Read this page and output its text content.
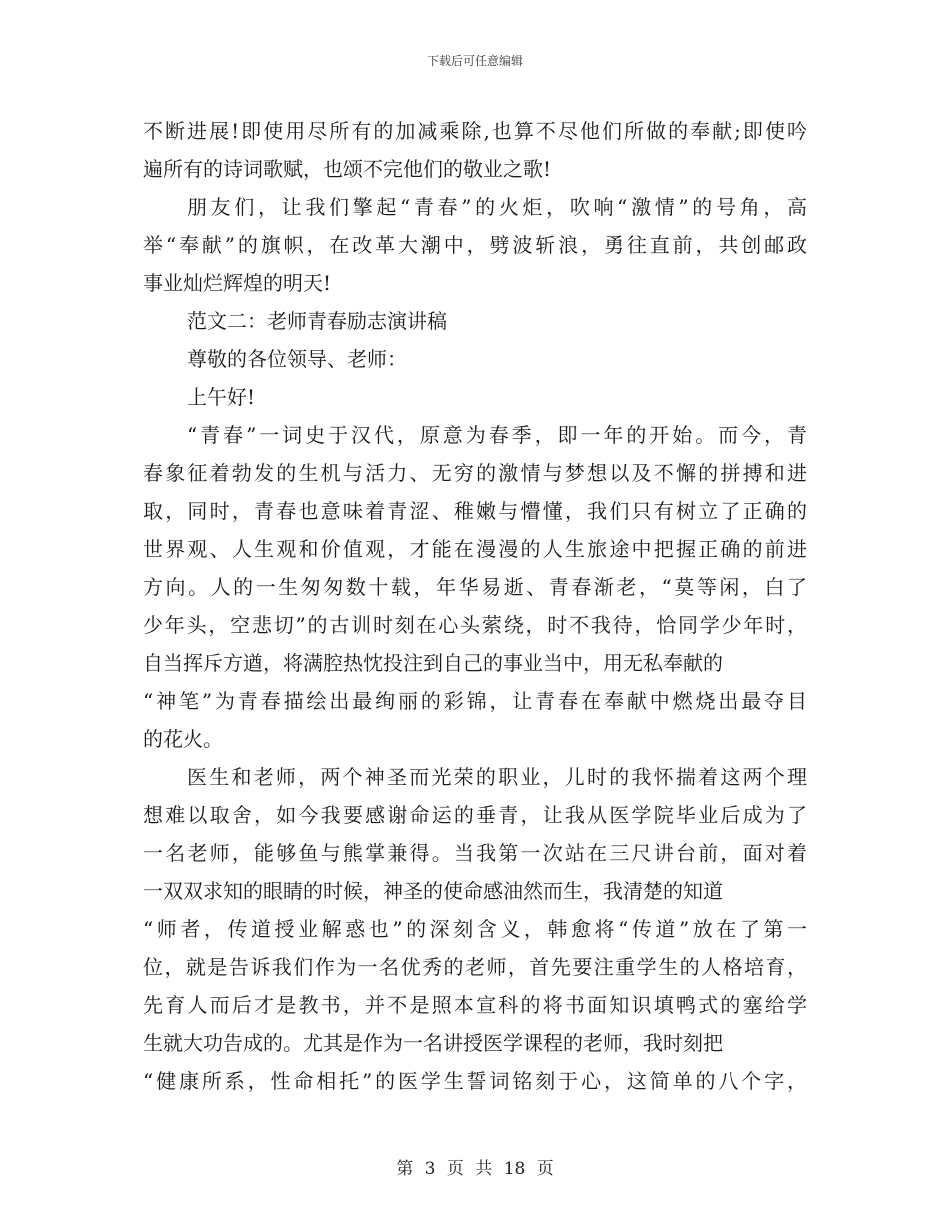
下载后可任意编辑
不断进展!即使用尽所有的加减乘除,也算不尽他们所做的奉献;即使吟
遍所有的诗词歌赋，也颂不完他们的敬业之歌!
朋友们，让我们擎起“青春”的火炬，吹响“激情”的号角，高
举“奉献”的旗帜，在改革大潮中，劈波斩浪，勇往直前，共创邮政
事业灿烂辉煌的明天!
范文二：老师青春励志演讲稿
尊敬的各位领导、老师：
上午好!
“青春”一词史于汉代，原意为春季，即一年的开始。而今，青
春象征着勃发的生机与活力、无穷的激情与梦想以及不懈的拼搏和进
取，同时，青春也意味着青涩、稚嫩与懵懂，我们只有树立了正确的
世界观、人生观和价值观，才能在漫漫的人生旅途中把握正确的前进
方向。人的一生匆匆数十载，年华易逝、青春渐老，“莫等闲，白了
少年头，空悲切”的古训时刻在心头萦绕，时不我待，恰同学少年时，
自当挥斥方遒，将满腔热忱投注到自己的事业当中，用无私奉献的
“神笔”为青春描绘出最绚丽的彩锦，让青春在奉献中燃烧出最夺目
的花火。
医生和老师，两个神圣而光荣的职业，儿时的我怀揣着这两个理
想难以取舍，如今我要感谢命运的垂青，让我从医学院毕业后成为了
一名老师，能够鱼与熊掌兼得。当我第一次站在三尺讲台前，面对着
一双双求知的眼睛的时候，神圣的使命感油然而生，我清楚的知道
“师者，传道授业解惑也”的深刻含义，韩愈将“传道”放在了第一
位，就是告诉我们作为一名优秀的老师，首先要注重学生的人格培育，
先育人而后才是教书，并不是照本宣科的将书面知识填鸭式的塞给学
生就大功告成的。尤其是作为一名讲授医学课程的老师，我时刻把
“健康所系，性命相托”的医学生誓词铭刻于心，这简单的八个字，
第 3 页 共 18 页
